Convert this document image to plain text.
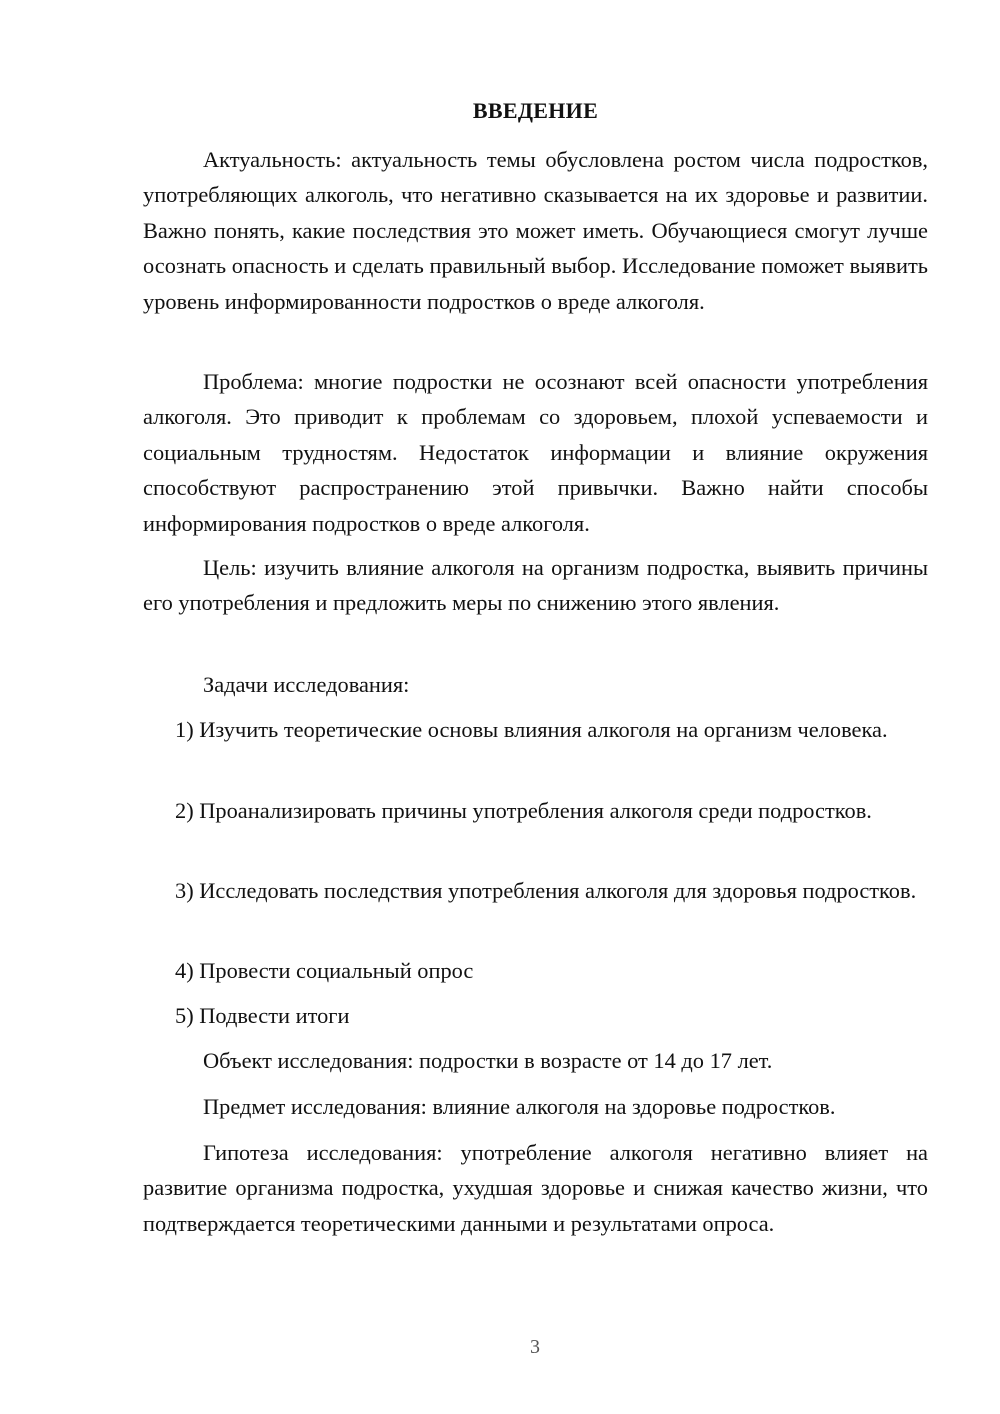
ВВЕДЕНИЕ

Актуальность: актуальность темы обусловлена ростом числа подростков, употребляющих алкоголь, что негативно сказывается на их здоровье и развитии. Важно понять, какие последствия это может иметь. Обучающиеся смогут лучше осознать опасность и сделать правильный выбор. Исследование поможет выявить уровень информированности подростков о вреде алкоголя.

Проблема: многие подростки не осознают всей опасности употребления алкоголя. Это приводит к проблемам со здоровьем, плохой успеваемости и социальным трудностям. Недостаток информации и влияние окружения способствуют распространению этой привычки. Важно найти способы информирования подростков о вреде алкоголя.

Цель: изучить влияние алкоголя на организм подростка, выявить причины его употребления и предложить меры по снижению этого явления.

Задачи исследования:

1) Изучить теоретические основы влияния алкоголя на организм человека.

2) Проанализировать причины употребления алкоголя среди подростков.

3) Исследовать последствия употребления алкоголя для здоровья подростков.

4) Провести социальный опрос

5) Подвести итоги

Объект исследования: подростки в возрасте от 14 до 17 лет.

Предмет исследования: влияние алкоголя на здоровье подростков.

Гипотеза исследования: употребление алкоголя негативно влияет на развитие организма подростка, ухудшая здоровье и снижая качество жизни, что подтверждается теоретическими данными и результатами опроса.

3
